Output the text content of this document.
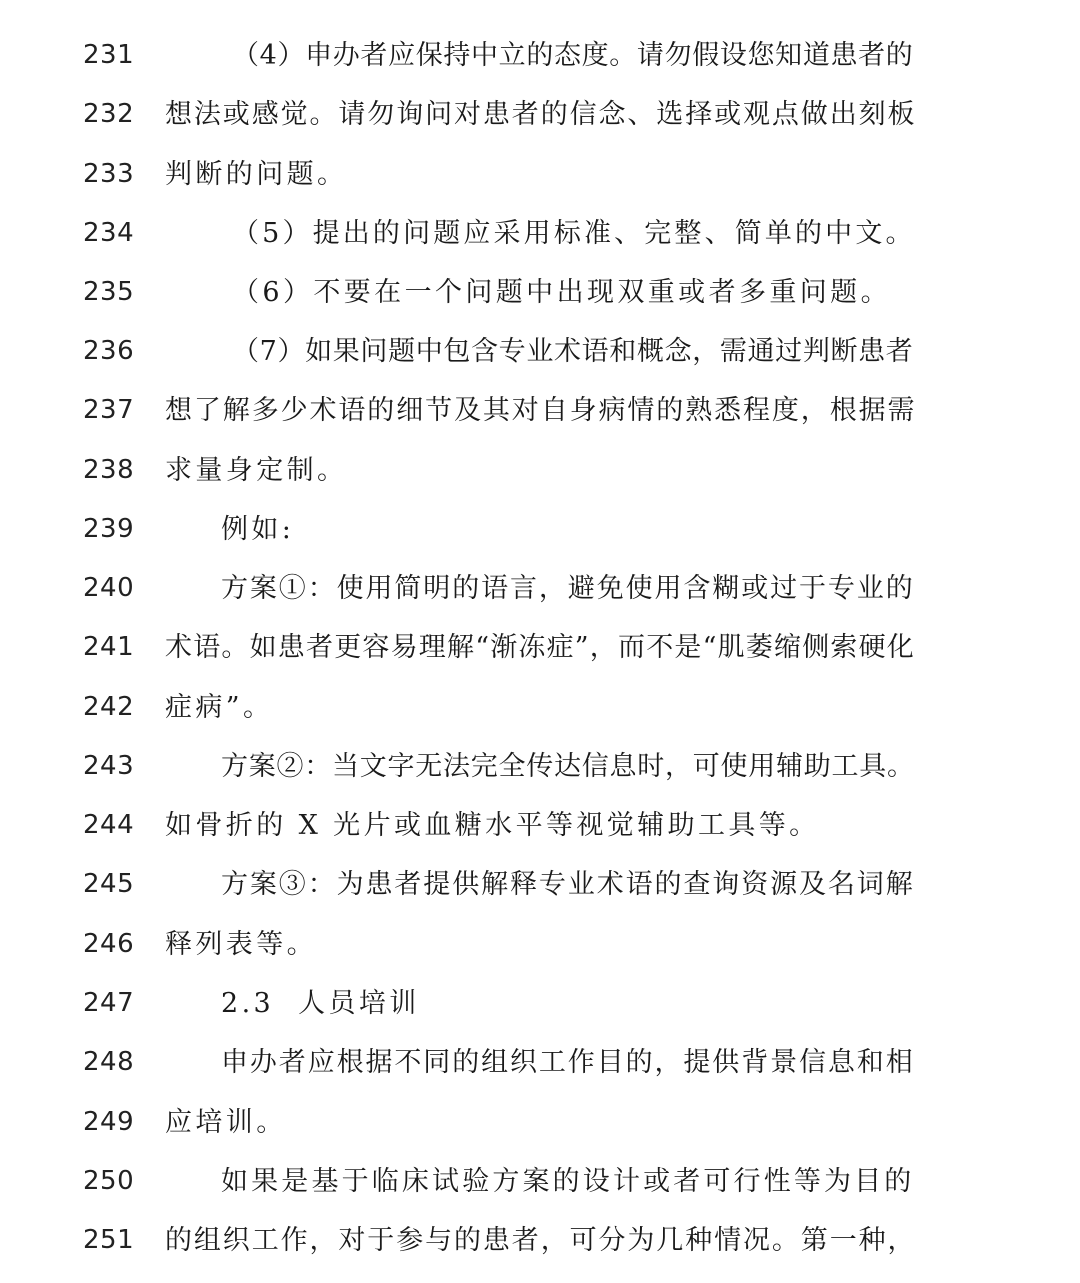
231	（4）申办者应保持中立的态度。请勿假设您知道患者的
232 想法或感觉。请勿询问对患者的信念、选择或观点做出刻板
233 判断的问题。
234	（5）提出的问题应采用标准、完整、简单的中文。
235	（6）不要在一个问题中出现双重或者多重问题。
236	（7）如果问题中包含专业术语和概念，需通过判断患者
237 想了解多少术语的细节及其对自身病情的熟悉程度，根据需
238 求量身定制。
239	例如:
240	方案①：使用简明的语言，避免使用含糊或过于专业的
241 术语。如患者更容易理解“渐冻症”，而不是“肌萎缩侧索硬化
242 症病”。
243	方案②：当文字无法完全传达信息时，可使用辅助工具。
244 如骨折的 X 光片或血糖水平等视觉辅助工具等。
245	方案③：为患者提供解释专业术语的查询资源及名词解
246 释列表等。
247	2.3  人员培训
248	申办者应根据不同的组织工作目的，提供背景信息和相
249 应培训。
250	如果是基于临床试验方案的设计或者可行性等为目的
251 的组织工作，对于参与的患者，可分为几种情况。第一种，
